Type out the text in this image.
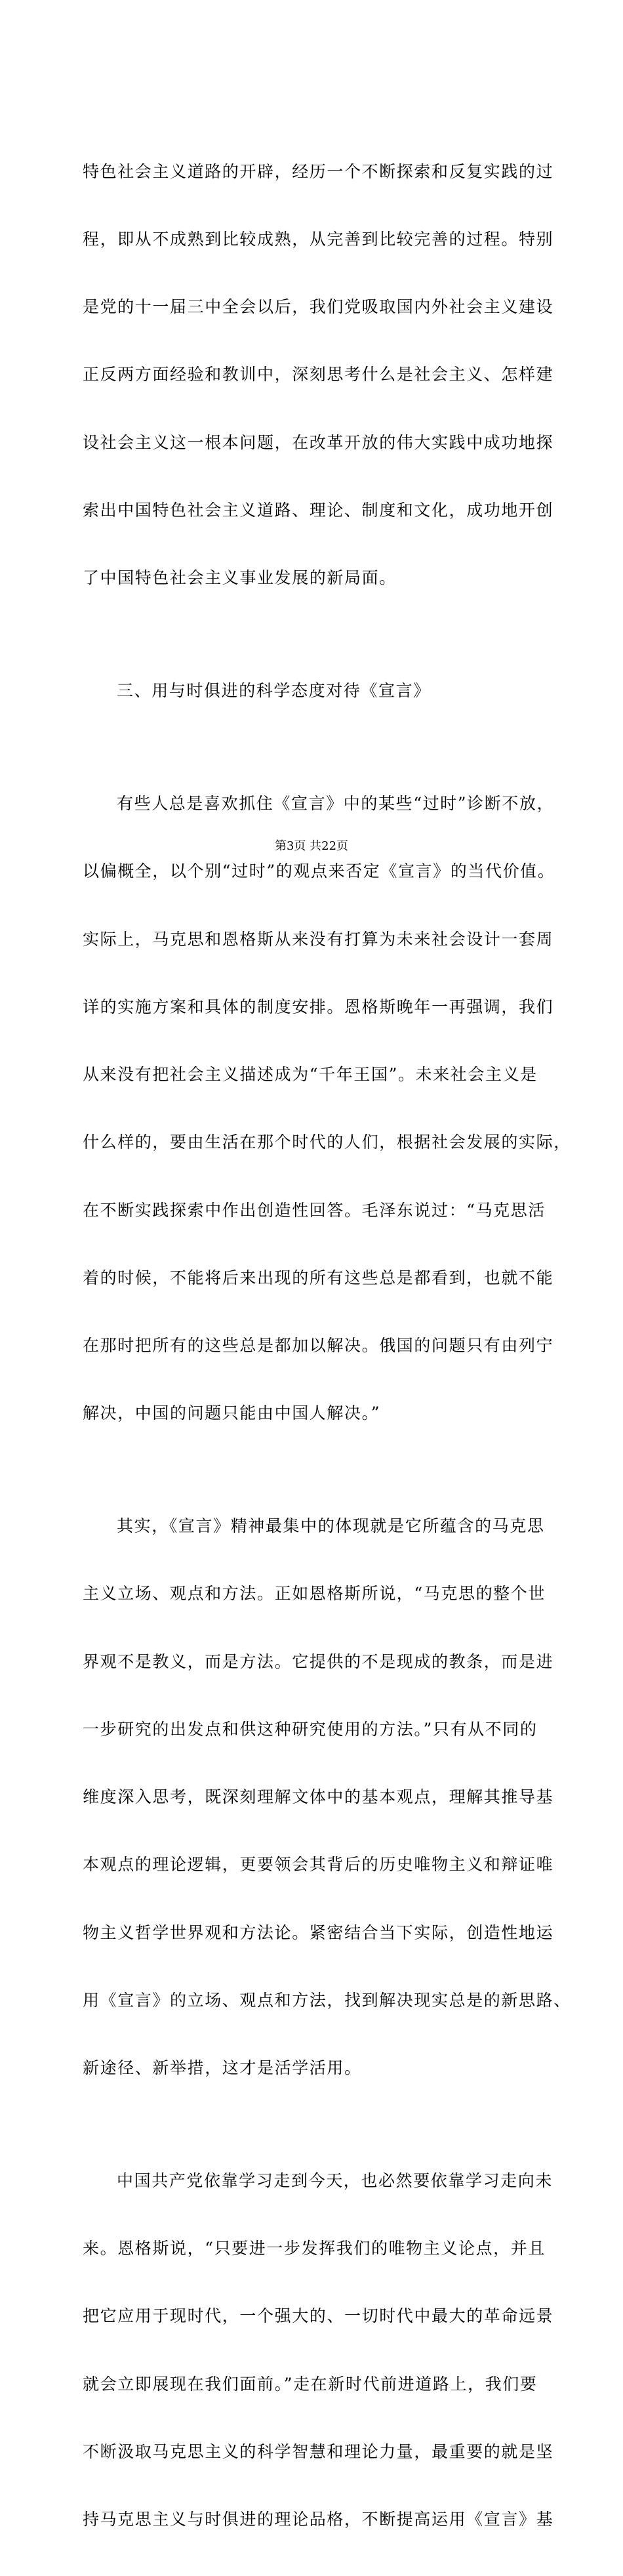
特色社会主义道路的开辟，经历一个不断探索和反复实践的过

程，即从不成熟到比较成熟，从完善到比较完善的过程。特别

是党的十一届三中全会以后，我们党吸取国内外社会主义建设

正反两方面经验和教训中，深刻思考什么是社会主义、怎样建

设社会主义这一根本问题，在改革开放的伟大实践中成功地探

索出中国特色社会主义道路、理论、制度和文化，成功地开创

了中国特色社会主义事业发展的新局面。

三、用与时俱进的科学态度对待《宣言》

有些人总是喜欢抓住《宣言》中的某些“过时”诊断不放，

以偏概全，以个别“过时”的观点来否定《宣言》的当代价值。

实际上，马克思和恩格斯从来没有打算为未来社会设计一套周

详的实施方案和具体的制度安排。恩格斯晚年一再强调，我们

从来没有把社会主义描述成为“千年王国”。未来社会主义是

什么样的，要由生活在那个时代的人们，根据社会发展的实际，

在不断实践探索中作出创造性回答。毛泽东说过：“马克思活

着的时候，不能将后来出现的所有这些总是都看到，也就不能

在那时把所有的这些总是都加以解决。俄国的问题只有由列宁

解决，中国的问题只能由中国人解决。”

其实，《宣言》精神最集中的体现就是它所蕴含的马克思

主义立场、观点和方法。正如恩格斯所说，“马克思的整个世

界观不是教义，而是方法。它提供的不是现成的教条，而是进

一步研究的出发点和供这种研究使用的方法。”只有从不同的

维度深入思考，既深刻理解文体中的基本观点，理解其推导基

本观点的理论逻辑，更要领会其背后的历史唯物主义和辩证唯

物主义哲学世界观和方法论。紧密结合当下实际，创造性地运

用《宣言》的立场、观点和方法，找到解决现实总是的新思路、

新途径、新举措，这才是活学活用。

中国共产党依靠学习走到今天，也必然要依靠学习走向未

来。恩格斯说，“只要进一步发挥我们的唯物主义论点，并且

把它应用于现时代，一个强大的、一切时代中最大的革命远景

就会立即展现在我们面前。”走在新时代前进道路上，我们要

不断汲取马克思主义的科学智慧和理论力量，最重要的就是坚

持马克思主义与时俱进的理论品格，不断提高运用《宣言》基

第3页 共22页
